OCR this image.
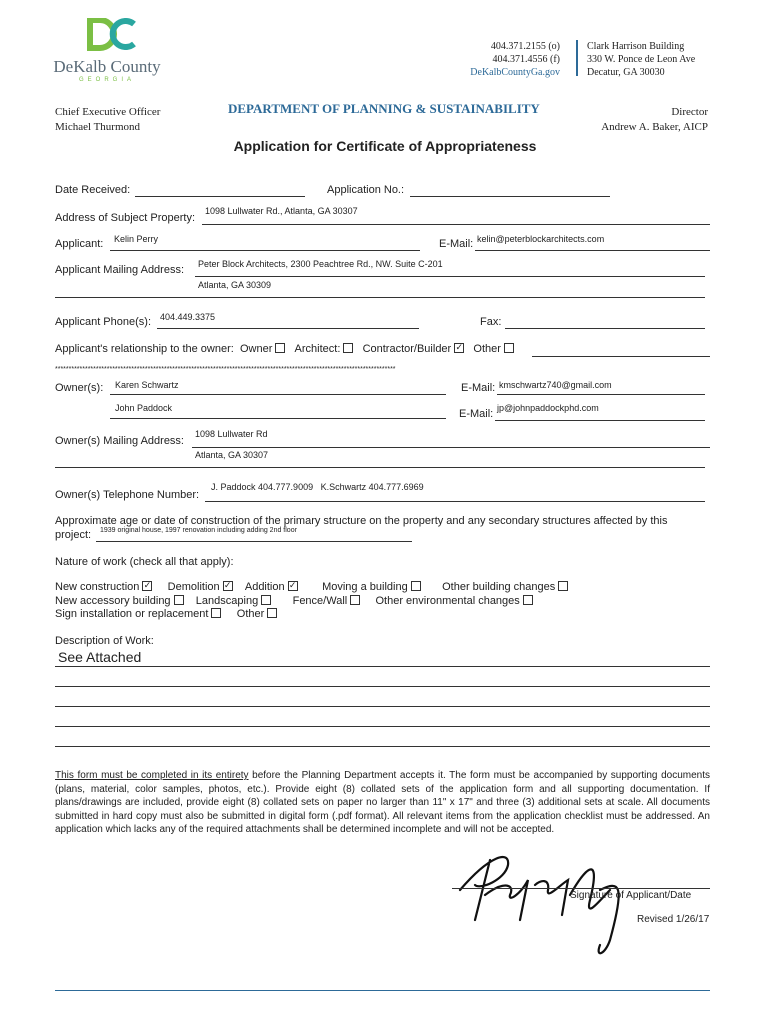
DeKalb County
GEORGIA
404.371.2155 (o)
404.371.4556 (f)
DeKalbCountyGa.gov
Clark Harrison Building
330 W. Ponce de Leon Ave
Decatur, GA 30030
Chief Executive Officer
Michael Thurmond
DEPARTMENT OF PLANNING & SUSTAINABILITY	Director
Andrew A. Baker, AICP
Application for Certificate of Appropriateness
Date Received:	Application No.:
Address of Subject Property:
1098 Lullwater Rd., Atlanta, GA 30307
Applicant: Kelin Perry	E-Mail: kelin@peterblockarchitects.com
Applicant Mailing Address: Peter Block Architects, 2300 Peachtree Rd., NW. Suite C-201
Atlanta, GA 30309
Applicant Phone(s): 404.449.3375	Fax:
Applicant's relationship to the owner: Owner Architect: Contractor/Builder ✓ Other
*****************************************************************************************************************************
Owner(s): Karen Schwartz	E-Mail: kmschwartz740@gmail.com
John Paddock	E-Mail: jp@johnpaddockphd.com
Owner(s) Mailing Address:
1098 Lullwater Rd
Atlanta, GA 30307
Owner(s) Telephone Number:
J. Paddock 404.777.9009   K.Schwartz 404.777.6969
Approximate age or date of construction of the primary structure on the property and any secondary structures affected by this
project: 1939 original house, 1997 renovation including adding 2nd floor
Nature of work (check all that apply):
New construction ✓	Demolition ✓ Addition ✓	Moving a building	Other building changes
New accessory building Landscaping	Fence/Wall	Other environmental changes
Sign installation or replacement	Other
Description of Work:
See Attached
This form must be completed in its entirety before the Planning Department accepts it. The form must be accompanied by supporting documents (plans, material, color samples, photos, etc.). Provide eight (8) collated sets of the application form and all supporting documentation. If plans/drawings are included, provide eight (8) collated sets on paper no larger than 11" x 17" and three (3) additional sets at scale. All documents submitted in hard copy must also be submitted in digital form (.pdf format). All relevant items from the application checklist must be addressed. An application which lacks any of the required attachments shall be determined incomplete and will not be accepted.
Signature of Applicant/Date
Revised 1/26/17
